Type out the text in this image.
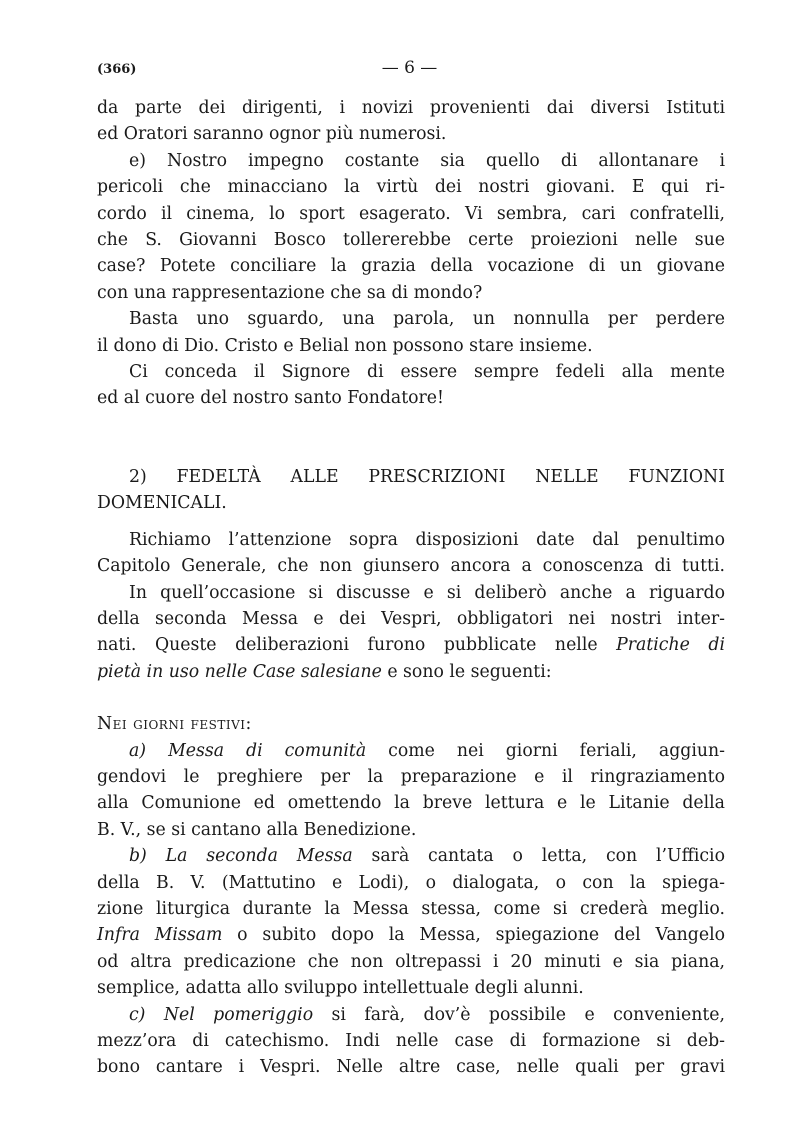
(366)	— 6 —
da parte dei dirigenti, i novizi provenienti dai diversi Istituti
ed Oratori saranno ognor più numerosi.
e) Nostro impegno costante sia quello di allontanare i
pericoli che minacciano la virtù dei nostri giovani. E qui ri-
cordo il cinema, lo sport esagerato. Vi sembra, cari confratelli,
che S. Giovanni Bosco tollererebbe certe proiezioni nelle sue
case? Potete conciliare la grazia della vocazione di un giovane
con una rappresentazione che sa di mondo?
Basta uno sguardo, una parola, un nonnulla per perdere
il dono di Dio. Cristo e Belial non possono stare insieme.
Ci conceda il Signore di essere sempre fedeli alla mente
ed al cuore del nostro santo Fondatore!
2) FEDELTÀ ALLE PRESCRIZIONI NELLE FUNZIONI
DOMENICALI.
Richiamo l’attenzione sopra disposizioni date dal penultimo
Capitolo Generale, che non giunsero ancora a conoscenza di tutti.
In quell’occasione si discusse e si deliberò anche a riguardo
della seconda Messa e dei Vespri, obbligatori nei nostri inter-
nati. Queste deliberazioni furono pubblicate nelle Pratiche di
pietà in uso nelle Case salesiane e sono le seguenti:
Nei giorni festivi:
a) Messa di comunità come nei giorni feriali, aggiun-
gendovi le preghiere per la preparazione e il ringraziamento
alla Comunione ed omettendo la breve lettura e le Litanie della
B. V., se si cantano alla Benedizione.
b) La seconda Messa sarà cantata o letta, con l’Ufficio
della B. V. (Mattutino e Lodi), o dialogata, o con la spiega-
zione liturgica durante la Messa stessa, come si crederà meglio.
Infra Missam o subito dopo la Messa, spiegazione del Vangelo
od altra predicazione che non oltrepassi i 20 minuti e sia piana,
semplice, adatta allo sviluppo intellettuale degli alunni.
c) Nel pomeriggio si farà, dov’è possibile e conveniente,
mezz’ora di catechismo. Indi nelle case di formazione si deb-
bono cantare i Vespri. Nelle altre case, nelle quali per gravi
